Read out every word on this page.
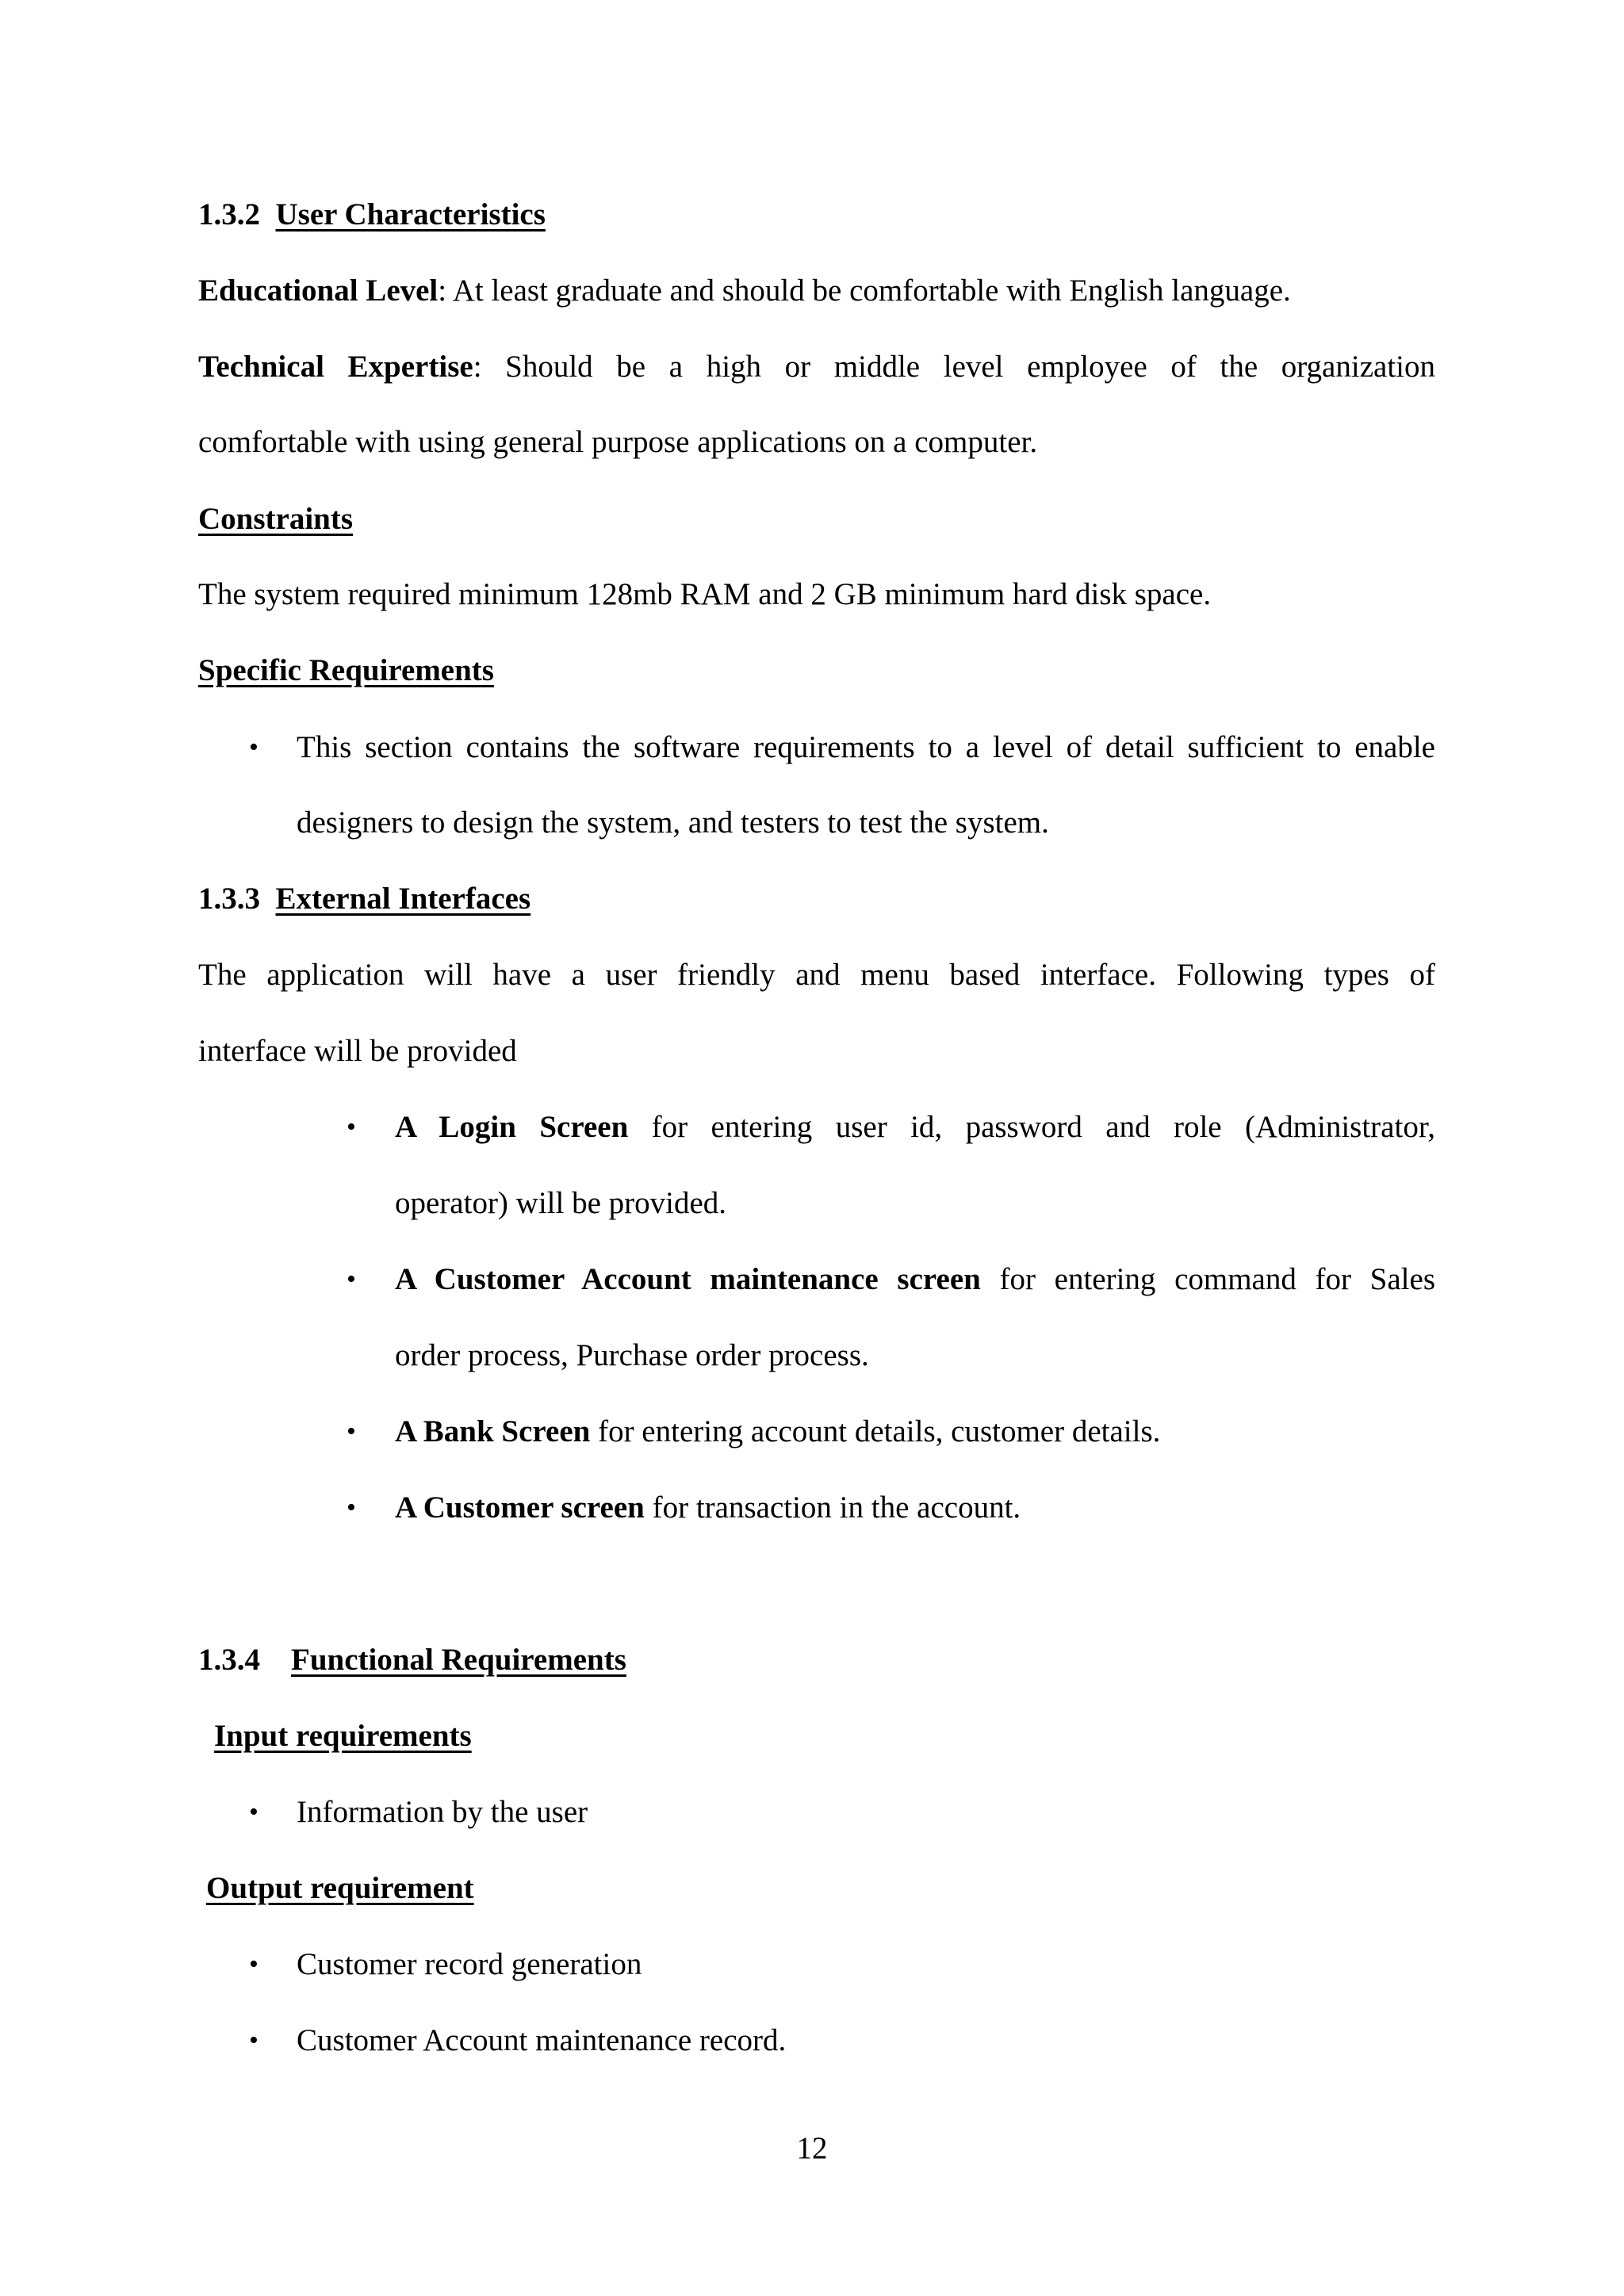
1.3.2 User Characteristics
Educational Level: At least graduate and should be comfortable with English language.
Technical Expertise: Should be a high or middle level employee of the organization
comfortable with using general purpose applications on a computer.
Constraints
The system required minimum 128mb RAM and 2 GB minimum hard disk space.
Specific Requirements
• This section contains the software requirements to a level of detail sufficient to enable
designers to design the system, and testers to test the system.
1.3.3 External Interfaces
The application will have a user friendly and menu based interface. Following types of
interface will be provided
• A Login Screen for entering user id, password and role (Administrator,
operator) will be provided.
• A Customer Account maintenance screen for entering command for Sales
order process, Purchase order process.
• A Bank Screen for entering account details, customer details.
• A Customer screen for transaction in the account.
1.3.4 Functional Requirements
Input requirements
• Information by the user
Output requirement
• Customer record generation
• Customer Account maintenance record.
12
